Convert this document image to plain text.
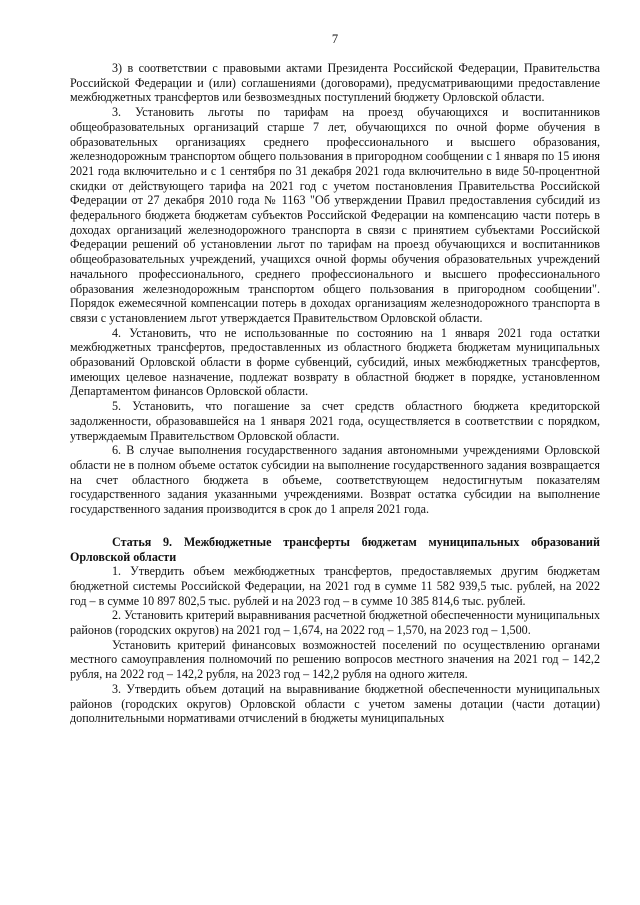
7

3) в соответствии с правовыми актами Президента Российской Федерации, Правительства Российской Федерации и (или) соглашениями (договорами), предусматривающими предоставление межбюджетных трансфертов или безвозмездных поступлений бюджету Орловской области.

3. Установить льготы по тарифам на проезд обучающихся и воспитанников общеобразовательных организаций старше 7 лет, обучающихся по очной форме обучения в образовательных организациях среднего профессионального и высшего образования, железнодорожным транспортом общего пользования в пригородном сообщении с 1 января по 15 июня 2021 года включительно и с 1 сентября по 31 декабря 2021 года включительно в виде 50-процентной скидки от действующего тарифа на 2021 год с учетом постановления Правительства Российской Федерации от 27 декабря 2010 года № 1163 "Об утверждении Правил предоставления субсидий из федерального бюджета бюджетам субъектов Российской Федерации на компенсацию части потерь в доходах организаций железнодорожного транспорта в связи с принятием субъектами Российской Федерации решений об установлении льгот по тарифам на проезд обучающихся и воспитанников общеобразовательных учреждений, учащихся очной формы обучения образовательных учреждений начального профессионального, среднего профессионального и высшего профессионального образования железнодорожным транспортом общего пользования в пригородном сообщении". Порядок ежемесячной компенсации потерь в доходах организациям железнодорожного транспорта в связи с установлением льгот утверждается Правительством Орловской области.

4. Установить, что не использованные по состоянию на 1 января 2021 года остатки межбюджетных трансфертов, предоставленных из областного бюджета бюджетам муниципальных образований Орловской области в форме субвенций, субсидий, иных межбюджетных трансфертов, имеющих целевое назначение, подлежат возврату в областной бюджет в порядке, установленном Департаментом финансов Орловской области.

5. Установить, что погашение за счет средств областного бюджета кредиторской задолженности, образовавшейся на 1 января 2021 года, осуществляется в соответствии с порядком, утверждаемым Правительством Орловской области.

6. В случае выполнения государственного задания автономными учреждениями Орловской области не в полном объеме остаток субсидии на выполнение государственного задания возвращается на счет областного бюджета в объеме, соответствующем недостигнутым показателям государственного задания указанными учреждениями. Возврат остатка субсидии на выполнение государственного задания производится в срок до 1 апреля 2021 года.

Статья 9. Межбюджетные трансферты бюджетам муниципальных образований Орловской области

1. Утвердить объем межбюджетных трансфертов, предоставляемых другим бюджетам бюджетной системы Российской Федерации, на 2021 год в сумме 11 582 939,5 тыс. рублей, на 2022 год – в сумме 10 897 802,5 тыс. рублей и на 2023 год – в сумме 10 385 814,6 тыс. рублей.

2. Установить критерий выравнивания расчетной бюджетной обеспеченности муниципальных районов (городских округов) на 2021 год – 1,674, на 2022 год – 1,570, на 2023 год – 1,500.

Установить критерий финансовых возможностей поселений по осуществлению органами местного самоуправления полномочий по решению вопросов местного значения на 2021 год – 142,2 рубля, на 2022 год – 142,2 рубля, на 2023 год – 142,2 рубля на одного жителя.

3. Утвердить объем дотаций на выравнивание бюджетной обеспеченности муниципальных районов (городских округов) Орловской области с учетом замены дотации (части дотации) дополнительными нормативами отчислений в бюджеты муниципальных
